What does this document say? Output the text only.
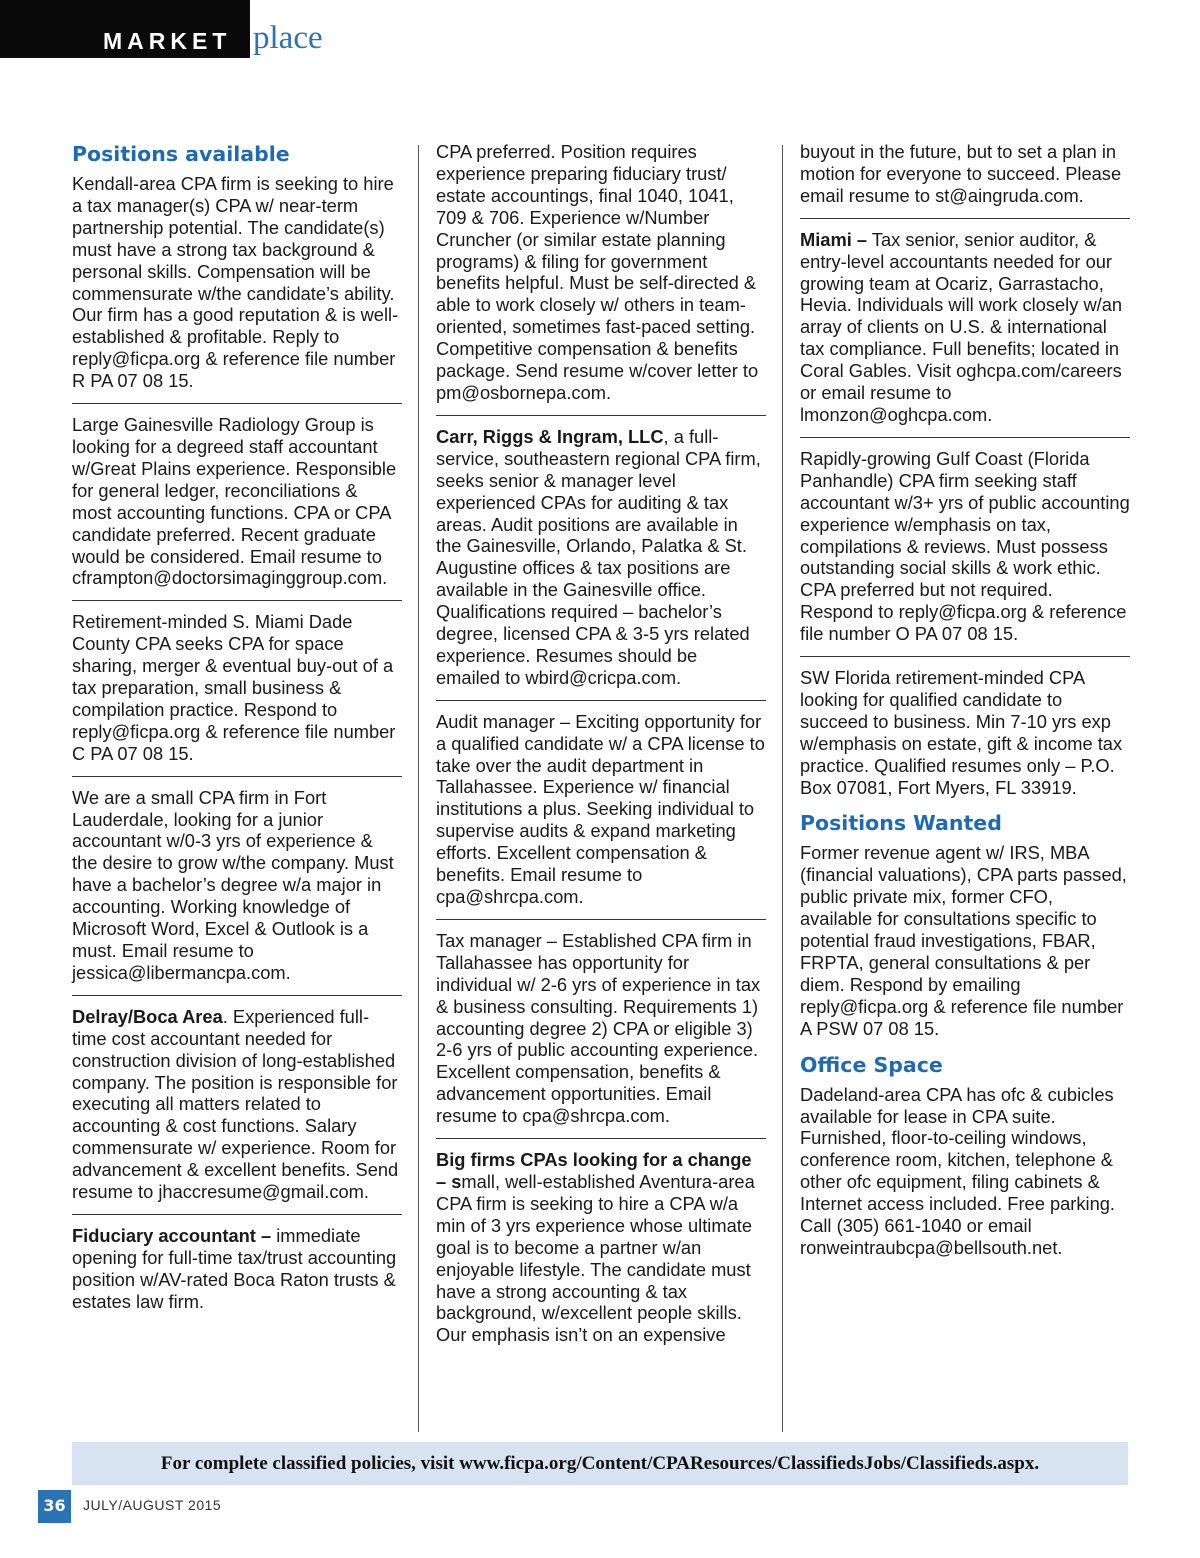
MARKET place
Positions available
Kendall-area CPA firm is seeking to hire a tax manager(s) CPA w/ near-term partnership potential. The candidate(s) must have a strong tax background & personal skills. Compensation will be commensurate w/the candidate’s ability. Our firm has a good reputation & is well-established & profitable. Reply to reply@ficpa.org & reference file number R PA 07 08 15.
Large Gainesville Radiology Group is looking for a degreed staff accountant w/Great Plains experience. Responsible for general ledger, reconciliations & most accounting functions. CPA or CPA candidate preferred. Recent graduate would be considered. Email resume to cframpton@doctorsimaginggroup.com.
Retirement-minded S. Miami Dade County CPA seeks CPA for space sharing, merger & eventual buy-out of a tax preparation, small business & compilation practice. Respond to reply@ficpa.org & reference file number C PA 07 08 15.
We are a small CPA firm in Fort Lauderdale, looking for a junior accountant w/0-3 yrs of experience & the desire to grow w/the company. Must have a bachelor’s degree w/a major in accounting. Working knowledge of Microsoft Word, Excel & Outlook is a must. Email resume to jessica@libermancpa.com.
Delray/Boca Area. Experienced full-time cost accountant needed for construction division of long-established company. The position is responsible for executing all matters related to accounting & cost functions. Salary commensurate w/ experience. Room for advancement & excellent benefits. Send resume to jhaccresume@gmail.com.
Fiduciary accountant – immediate opening for full-time tax/trust accounting position w/AV-rated Boca Raton trusts & estates law firm.
CPA preferred. Position requires experience preparing fiduciary trust/ estate accountings, final 1040, 1041, 709 & 706. Experience w/Number Cruncher (or similar estate planning programs) & filing for government benefits helpful. Must be self-directed & able to work closely w/ others in team-oriented, sometimes fast-paced setting. Competitive compensation & benefits package. Send resume w/cover letter to pm@osbornepa.com.
Carr, Riggs & Ingram, LLC, a full-service, southeastern regional CPA firm, seeks senior & manager level experienced CPAs for auditing & tax areas. Audit positions are available in the Gainesville, Orlando, Palatka & St. Augustine offices & tax positions are available in the Gainesville office. Qualifications required – bachelor’s degree, licensed CPA & 3-5 yrs related experience. Resumes should be emailed to wbird@cricpa.com.
Audit manager – Exciting opportunity for a qualified candidate w/ a CPA license to take over the audit department in Tallahassee. Experience w/ financial institutions a plus. Seeking individual to supervise audits & expand marketing efforts. Excellent compensation & benefits. Email resume to cpa@shrcpa.com.
Tax manager – Established CPA firm in Tallahassee has opportunity for individual w/ 2-6 yrs of experience in tax & business consulting. Requirements 1) accounting degree 2) CPA or eligible 3) 2-6 yrs of public accounting experience. Excellent compensation, benefits & advancement opportunities. Email resume to cpa@shrcpa.com.
Big firms CPAs looking for a change – small, well-established Aventura-area CPA firm is seeking to hire a CPA w/a min of 3 yrs experience whose ultimate goal is to become a partner w/an enjoyable lifestyle. The candidate must have a strong accounting & tax background, w/excellent people skills. Our emphasis isn’t on an expensive
buyout in the future, but to set a plan in motion for everyone to succeed. Please email resume to st@aingruda.com.
Miami – Tax senior, senior auditor, & entry-level accountants needed for our growing team at Ocariz, Garrastacho, Hevia. Individuals will work closely w/an array of clients on U.S. & international tax compliance. Full benefits; located in Coral Gables. Visit oghcpa.com/careers or email resume to lmonzon@oghcpa.com.
Rapidly-growing Gulf Coast (Florida Panhandle) CPA firm seeking staff accountant w/3+ yrs of public accounting experience w/emphasis on tax, compilations & reviews. Must possess outstanding social skills & work ethic. CPA preferred but not required. Respond to reply@ficpa.org & reference file number O PA 07 08 15.
SW Florida retirement-minded CPA looking for qualified candidate to succeed to business. Min 7-10 yrs exp w/emphasis on estate, gift & income tax practice. Qualified resumes only – P.O. Box 07081, Fort Myers, FL 33919.
Positions Wanted
Former revenue agent w/ IRS, MBA (financial valuations), CPA parts passed, public private mix, former CFO, available for consultations specific to potential fraud investigations, FBAR, FRPTA, general consultations & per diem. Respond by emailing reply@ficpa.org & reference file number A PSW 07 08 15.
Office Space
Dadeland-area CPA has ofc & cubicles available for lease in CPA suite. Furnished, floor-to-ceiling windows, conference room, kitchen, telephone & other ofc equipment, filing cabinets & Internet access included. Free parking. Call (305) 661-1040 or email ronweintraubcpa@bellsouth.net.
For complete classified policies, visit www.ficpa.org/Content/CPAResources/ClassifiedsJobs/Classifieds.aspx.
36	JULY/AUGUST 2015
